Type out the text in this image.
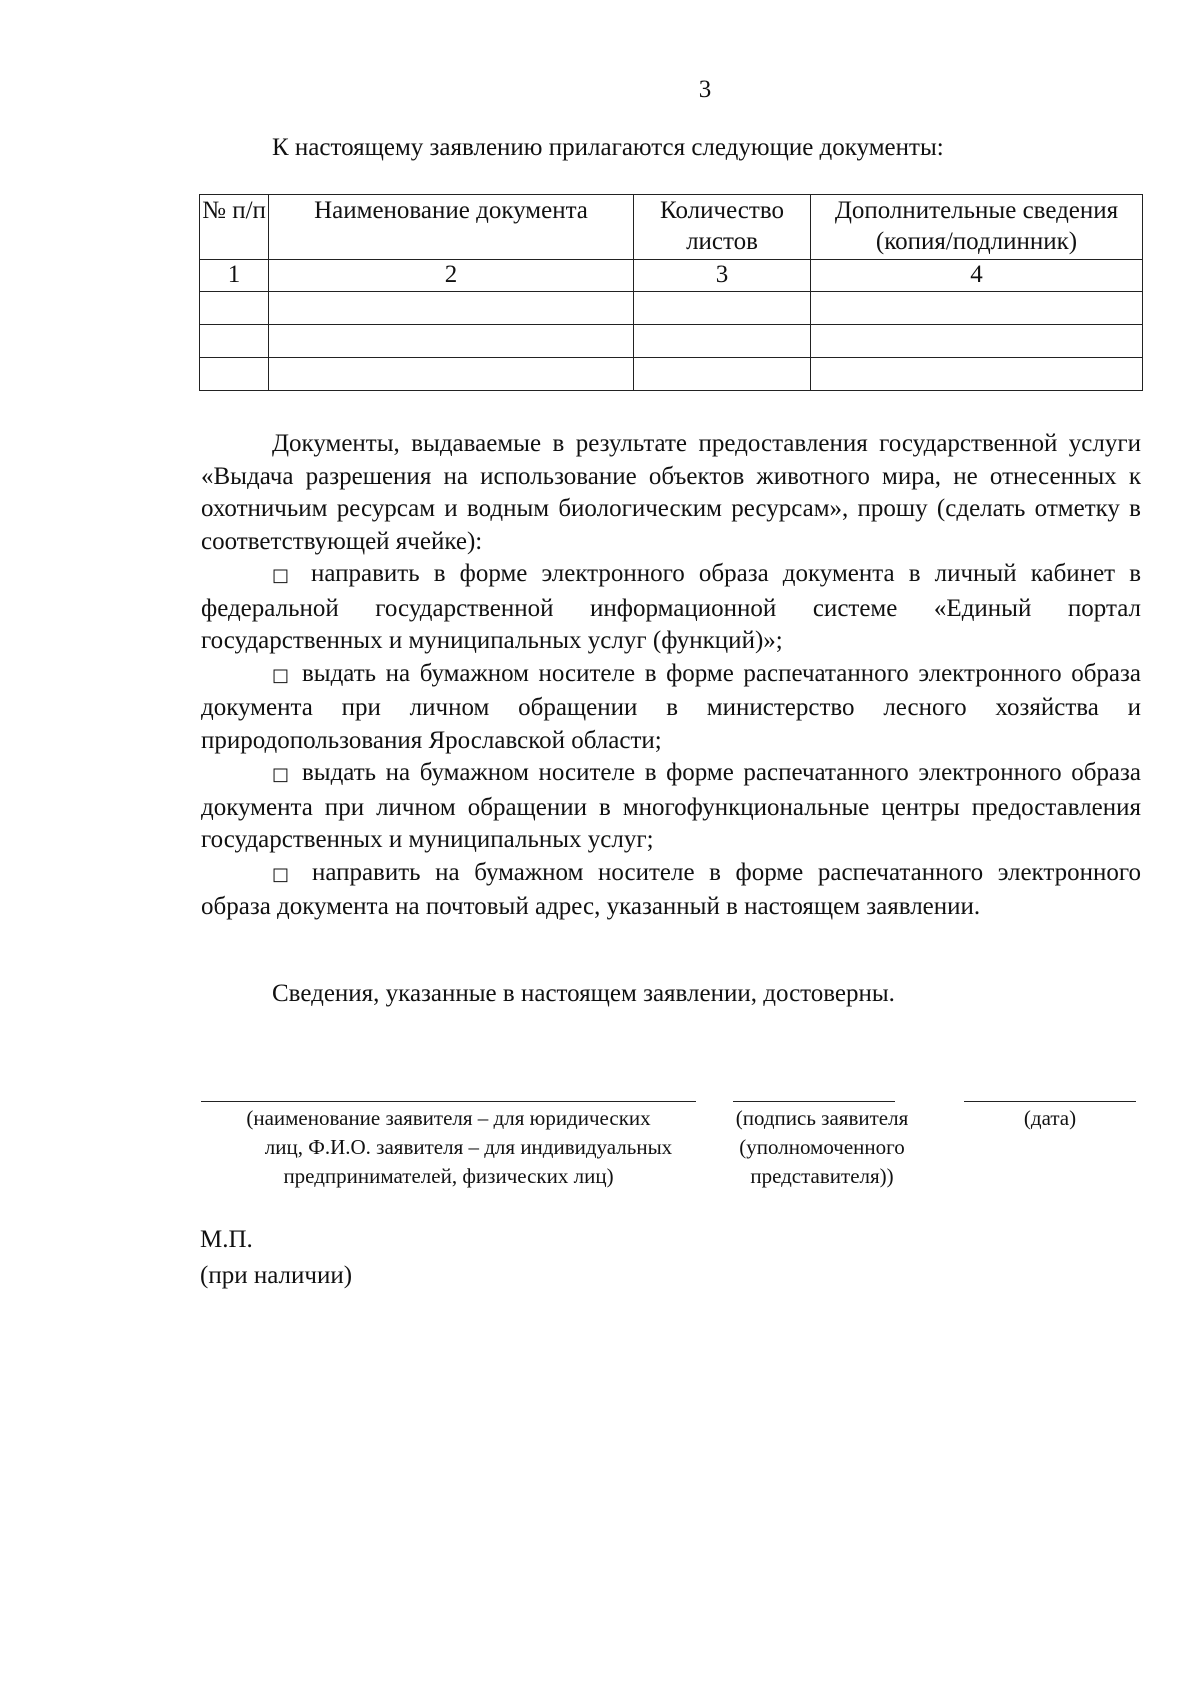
3
К настоящему заявлению прилагаются следующие документы:
№ п/п	Наименование документа	Количество листов	Дополнительные сведения (копия/подлинник)
1	2	3	4

Документы, выдаваемые в результате предоставления государственной услуги «Выдача разрешения на использование объектов животного мира, не отнесенных к охотничьим ресурсам и водным биологическим ресурсам», прошу (сделать отметку в соответствующей ячейке):

□ направить в форме электронного образа документа в личный кабинет в федеральной государственной информационной системе «Единый портал государственных и муниципальных услуг (функций)»;

□ выдать на бумажном носителе в форме распечатанного электронного образа документа при личном обращении в министерство лесного хозяйства и природопользования Ярославской области;

□ выдать на бумажном носителе в форме распечатанного электронного образа документа при личном обращении в многофункциональные центры предоставления государственных и муниципальных услуг;

□ направить на бумажном носителе в форме распечатанного электронного образа документа на почтовый адрес, указанный в настоящем заявлении.

Сведения, указанные в настоящем заявлении, достоверны.
(наименование заявителя – для юридических
лиц, Ф.И.О. заявителя – для индивидуальных
предпринимателей, физических лиц)
(подпись заявителя
(уполномоченного
представителя))
(дата)
М.П.
(при наличии)
